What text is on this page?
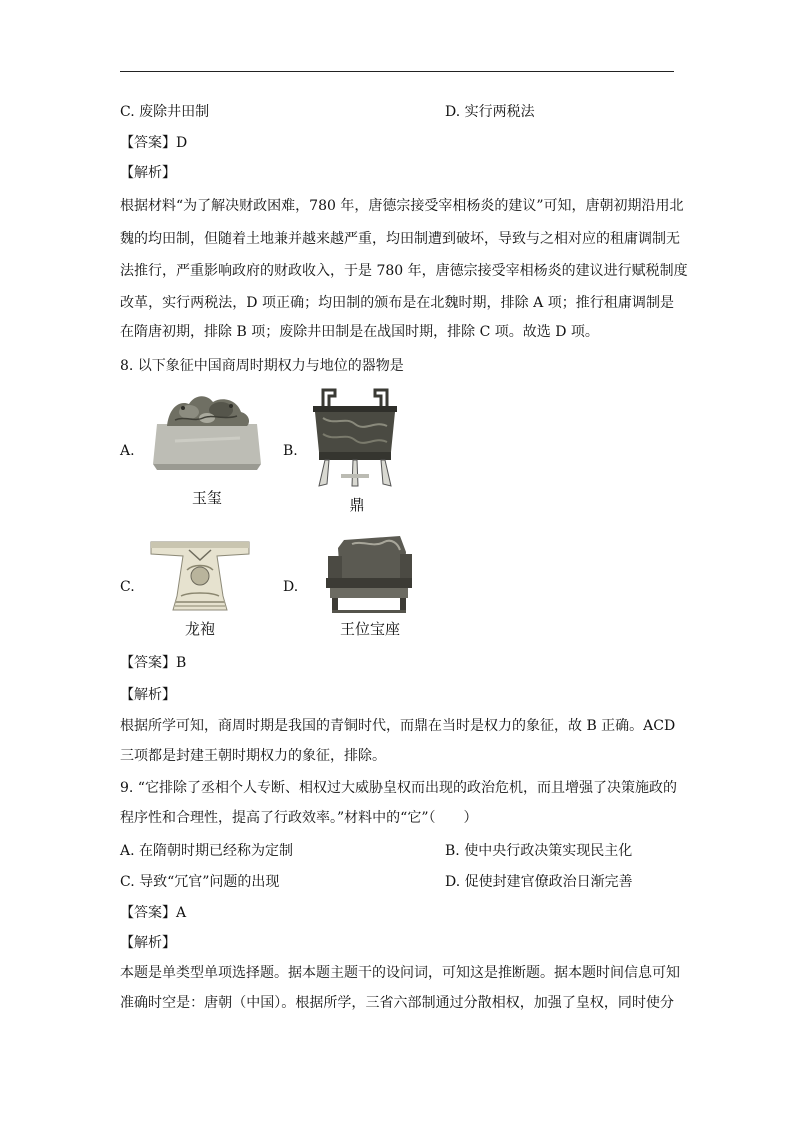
C. 废除井田制	D. 实行两税法
【答案】D
【解析】
根据材料“为了解决财政困难，780 年，唐德宗接受宰相杨炎的建议”可知，唐朝初期沿用北
魏的均田制，但随着土地兼并越来越严重，均田制遭到破坏，导致与之相对应的租庸调制无
法推行，严重影响政府的财政收入，于是 780 年，唐德宗接受宰相杨炎的建议进行赋税制度
改革，实行两税法，D 项正确；均田制的颁布是在北魏时期，排除 A 项；推行租庸调制是
在隋唐初期，排除 B 项；废除井田制是在战国时期，排除 C 项。故选 D 项。
8. 以下象征中国商周时期权力与地位的器物是
A.
玉玺
B.
鼎
C.
龙袍
D.
王位宝座
【答案】B
【解析】
根据所学可知，商周时期是我国的青铜时代，而鼎在当时是权力的象征，故 B 正确。ACD
三项都是封建王朝时期权力的象征，排除。
9. “它排除了丞相个人专断、相权过大威胁皇权而出现的政治危机，而且增强了决策施政的
程序性和合理性，提高了行政效率。”材料中的“它”（　　）
A. 在隋朝时期已经称为定制	B. 使中央行政决策实现民主化
C. 导致“冗官”问题的出现	D. 促使封建官僚政治日渐完善
【答案】A
【解析】
本题是单类型单项选择题。据本题主题干的设问词，可知这是推断题。据本题时间信息可知
准确时空是：唐朝（中国）。根据所学，三省六部制通过分散相权，加强了皇权，同时使分
